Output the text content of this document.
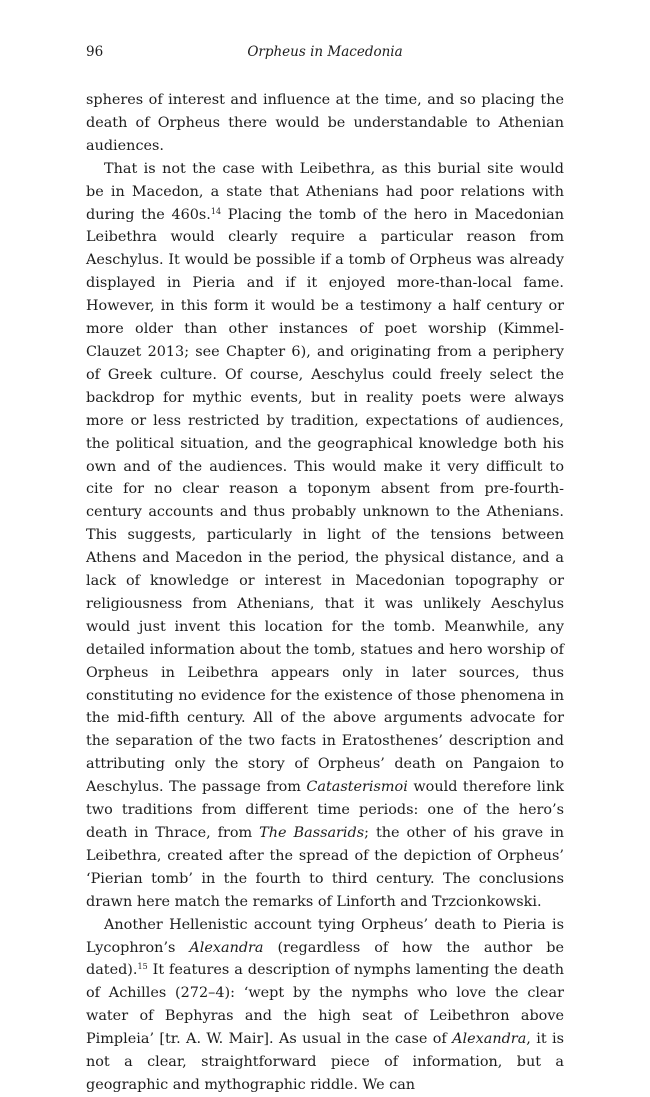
96	Orpheus in Macedonia

spheres of interest and influence at the time, and so placing the death of Orpheus there would be understandable to Athenian audiences.

That is not the case with Leibethra, as this burial site would be in Macedon, a state that Athenians had poor relations with during the 460s.$^{14}$ Placing the tomb of the hero in Macedonian Leibethra would clearly require a particular reason from Aeschylus. It would be possible if a tomb of Orpheus was already displayed in Pieria and if it enjoyed more-than-local fame. However, in this form it would be a testimony a half century or more older than other instances of poet worship (Kimmel-Clauzet 2013; see Chapter 6), and originating from a periphery of Greek culture. Of course, Aeschylus could freely select the backdrop for mythic events, but in reality poets were always more or less restricted by tradition, expectations of audiences, the political situation, and the geographical knowledge both his own and of the audiences. This would make it very difficult to cite for no clear reason a toponym absent from pre-fourth-century accounts and thus probably unknown to the Athenians. This suggests, particularly in light of the tensions between Athens and Macedon in the period, the physical distance, and a lack of knowledge or interest in Macedonian topography or religiousness from Athenians, that it was unlikely Aeschylus would just invent this location for the tomb. Meanwhile, any detailed information about the tomb, statues and hero worship of Orpheus in Leibethra appears only in later sources, thus constituting no evidence for the existence of those phenomena in the mid-fifth century. All of the above arguments advocate for the separation of the two facts in Eratosthenes’ description and attributing only the story of Orpheus’ death on Pangaion to Aeschylus. The passage from Catasterismoi would therefore link two traditions from different time periods: one of the hero’s death in Thrace, from The Bassarids; the other of his grave in Leibethra, created after the spread of the depiction of Orpheus’ ‘Pierian tomb’ in the fourth to third century. The conclusions drawn here match the remarks of Linforth and Trzcionkowski.

Another Hellenistic account tying Orpheus’ death to Pieria is Lycophron’s Alexandra (regardless of how the author be dated).$^{15}$ It features a description of nymphs lamenting the death of Achilles (272–4): ‘wept by the nymphs who love the clear water of Bephyras and the high seat of Leibethron above Pimpleia’ [tr. A. W. Mair]. As usual in the case of Alexandra, it is not a clear, straightforward piece of information, but a geographic and mythographic riddle. We can
